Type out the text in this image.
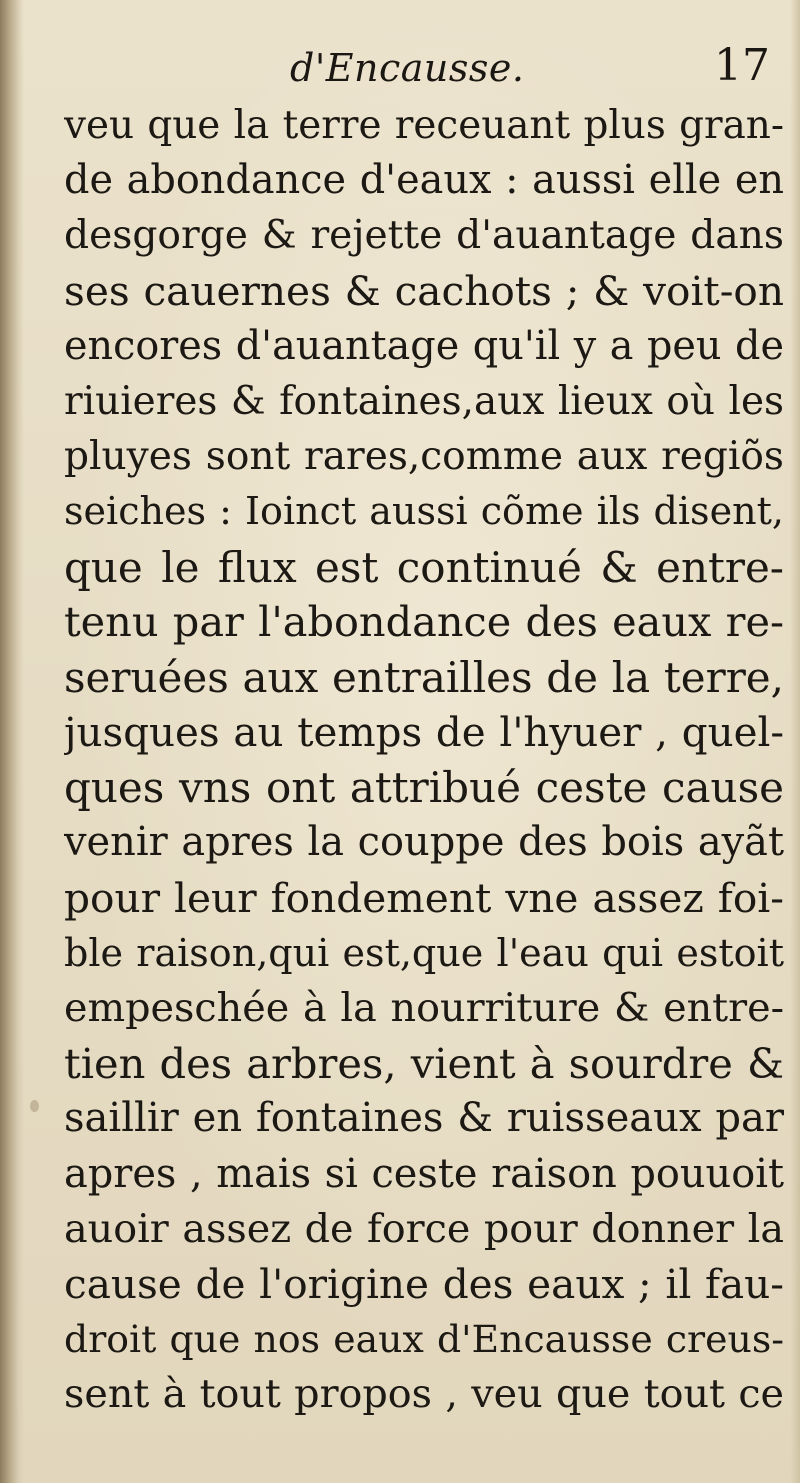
d'Encausse.	17
veu que la terre receuant plus gran-
de abondance d'eaux : aussi elle en
desgorge & rejette d'auantage dans
ses cauernes & cachots ; & voit-on
encores d'auantage qu'il y a peu de
riuieres & fontaines,aux lieux où les
pluyes sont rares,comme aux regiõs
seiches : Ioinct aussi cõme ils disent,
que le flux est continué & entre-
tenu par l'abondance des eaux re-
seruées aux entrailles de la terre,
jusques au temps de l'hyuer , quel-
ques vns ont attribué ceste cause
venir apres la couppe des bois ayãt
pour leur fondement vne assez foi-
ble raison,qui est,que l'eau qui estoit
empeschée à la nourriture & entre-
tien des arbres, vient à sourdre &
saillir en fontaines & ruisseaux par
apres , mais si ceste raison pouuoit
auoir assez de force pour donner la
cause de l'origine des eaux ; il fau-
droit que nos eaux d'Encausse creus-
sent à tout propos , veu que tout ce
